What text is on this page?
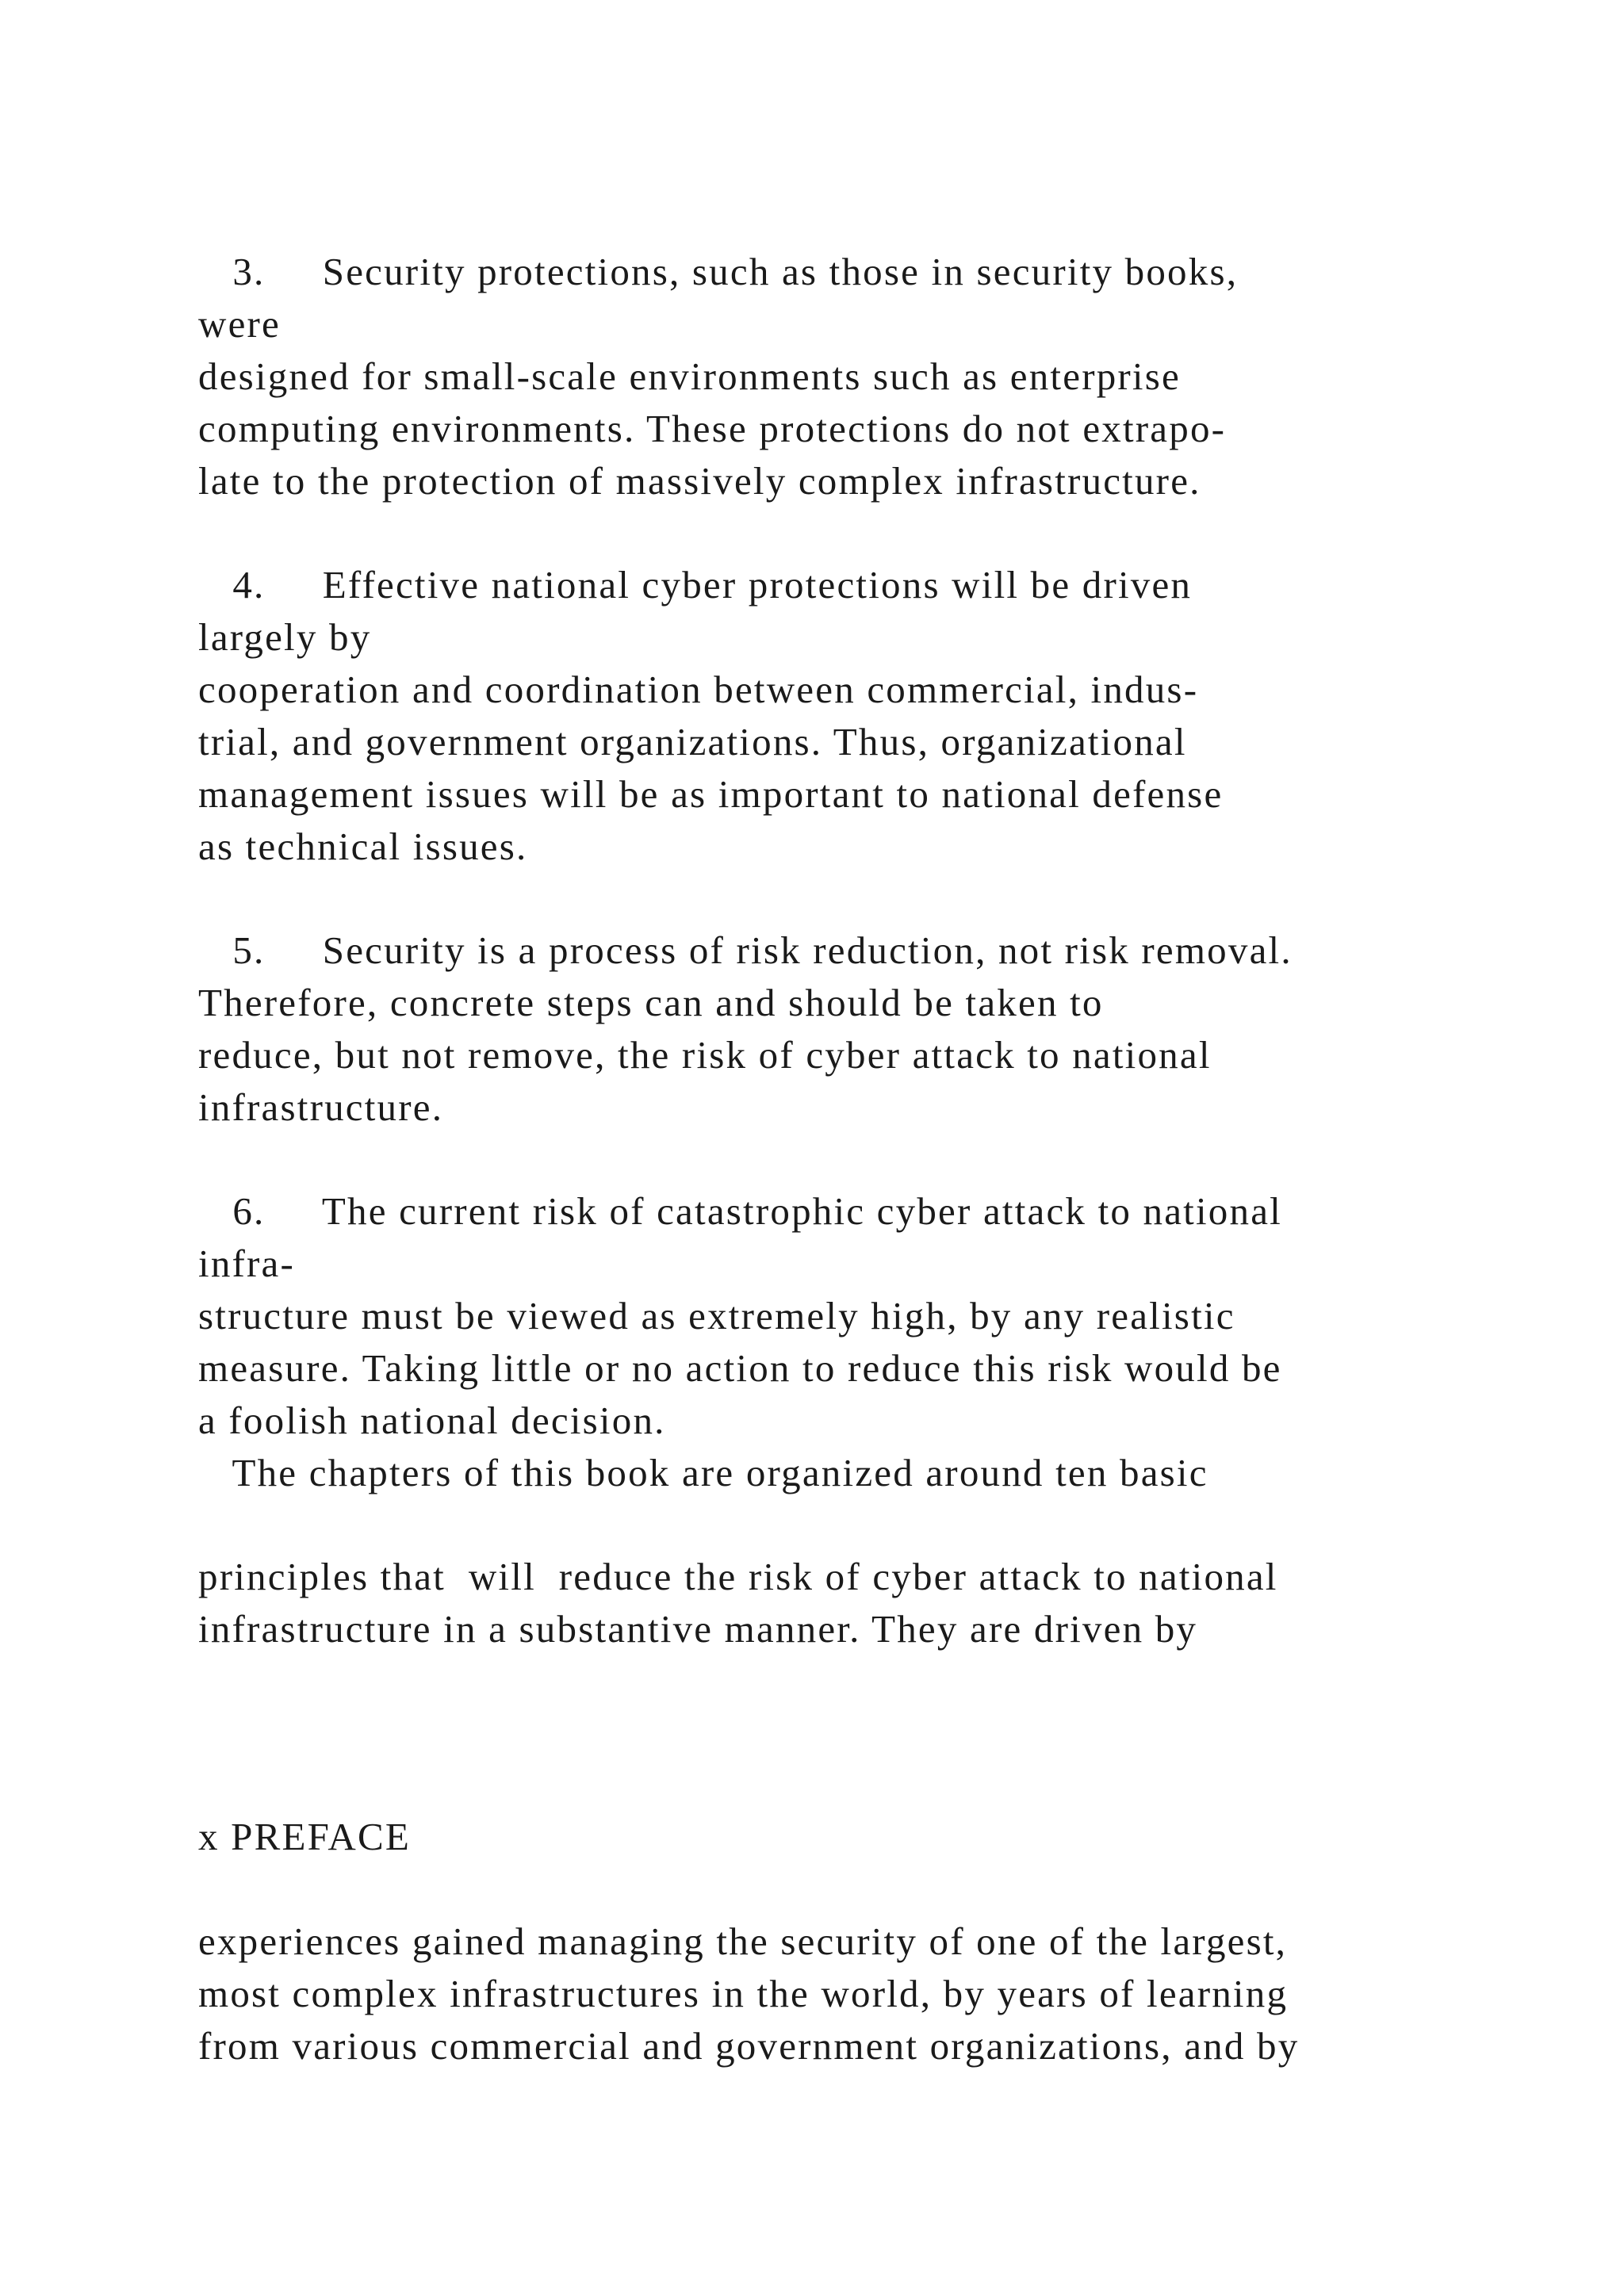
3.     Security protections, such as those in security books,
were
designed for small-scale environments such as enterprise
computing environments. These protections do not extrapo-
late to the protection of massively complex infrastructure.
4.     Effective national cyber protections will be driven
largely by
cooperation and coordination between commercial, indus-
trial, and government organizations. Thus, organizational
management issues will be as important to national defense
as technical issues.
5.     Security is a process of risk reduction, not risk removal.
Therefore, concrete steps can and should be taken to
reduce, but not remove, the risk of cyber attack to national
infrastructure.
6.     The current risk of catastrophic cyber attack to national
infra-
structure must be viewed as extremely high, by any realistic
measure. Taking little or no action to reduce this risk would be
a foolish national decision.
The chapters of this book are organized around ten basic
principles that  will  reduce the risk of cyber attack to national
infrastructure in a substantive manner. They are driven by
x PREFACE
experiences gained managing the security of one of the largest,
most complex infrastructures in the world, by years of learning
from various commercial and government organizations, and by
